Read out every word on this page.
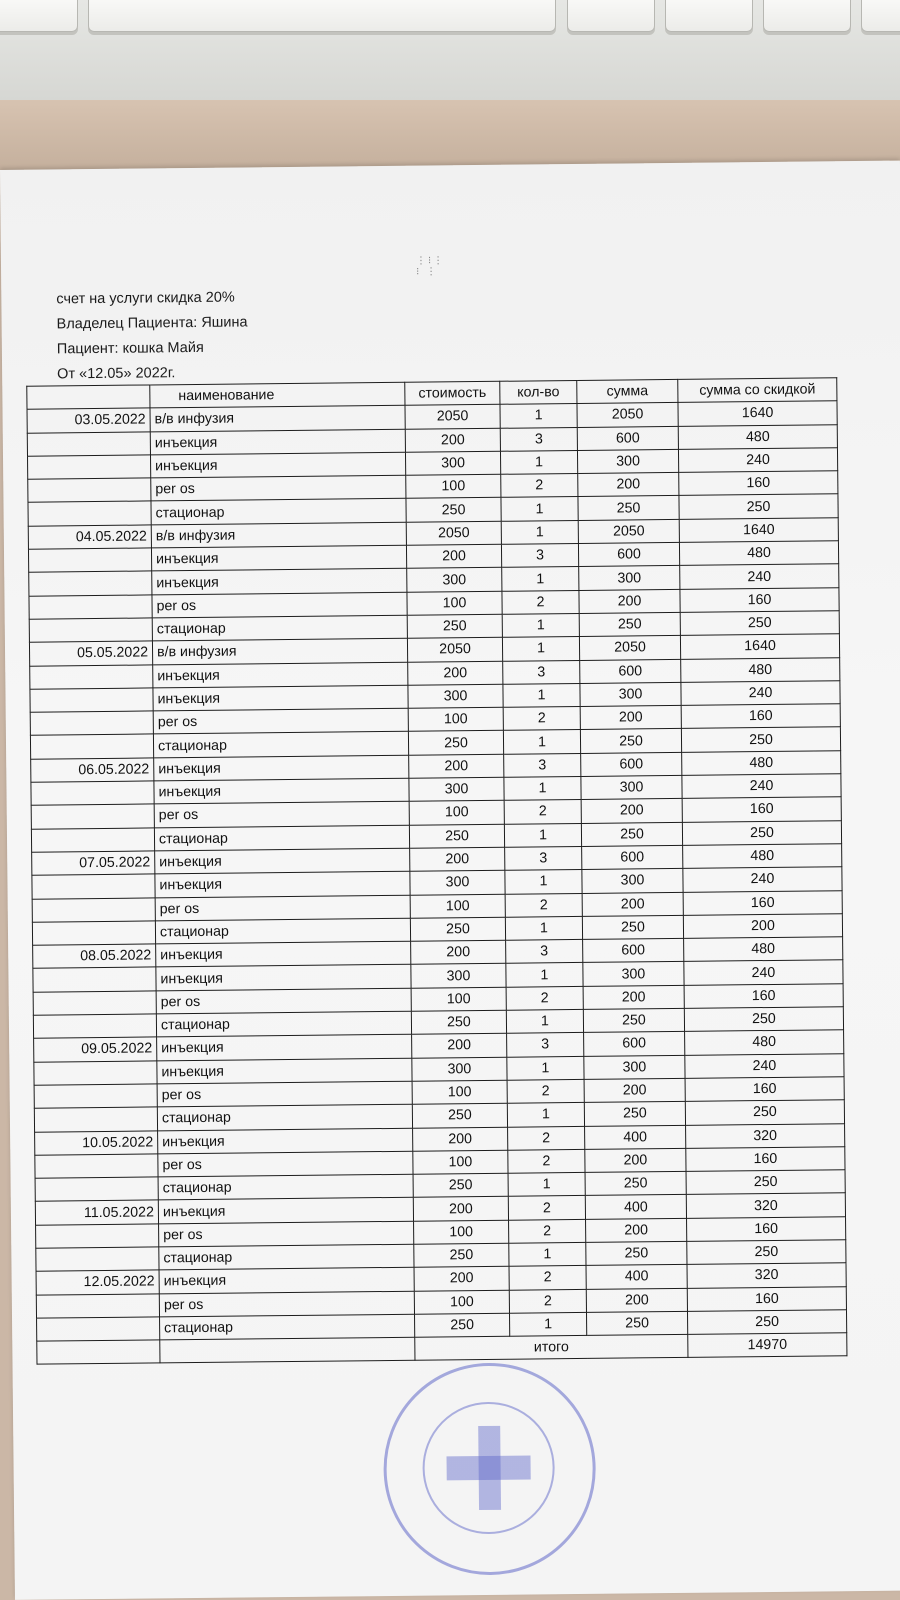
⋮⁝⋮
⁝ ⋮
счет на услуги скидка 20%
Владелец Пациента: Яшина
Пациент: кошка Майя
От «12.05» 2022г.
	наименование	стоимость	кол-во	сумма	сумма со скидкой
03.05.2022	в/в инфузия	2050	1	2050	1640
	инъекция	200	3	600	480
	инъекция	300	1	300	240
	per os	100	2	200	160
	стационар	250	1	250	250
04.05.2022	в/в инфузия	2050	1	2050	1640
	инъекция	200	3	600	480
	инъекция	300	1	300	240
	per os	100	2	200	160
	стационар	250	1	250	250
05.05.2022	в/в инфузия	2050	1	2050	1640
	инъекция	200	3	600	480
	инъекция	300	1	300	240
	per os	100	2	200	160
	стационар	250	1	250	250
06.05.2022	инъекция	200	3	600	480
	инъекция	300	1	300	240
	per os	100	2	200	160
	стационар	250	1	250	250
07.05.2022	инъекция	200	3	600	480
	инъекция	300	1	300	240
	per os	100	2	200	160
	стационар	250	1	250	200
08.05.2022	инъекция	200	3	600	480
	инъекция	300	1	300	240
	per os	100	2	200	160
	стационар	250	1	250	250
09.05.2022	инъекция	200	3	600	480
	инъекция	300	1	300	240
	per os	100	2	200	160
	стационар	250	1	250	250
10.05.2022	инъекция	200	2	400	320
	per os	100	2	200	160
	стационар	250	1	250	250
11.05.2022	инъекция	200	2	400	320
	per os	100	2	200	160
	стационар	250	1	250	250
12.05.2022	инъекция	200	2	400	320
	per os	100	2	200	160
	стационар	250	1	250	250
		итого			14970
